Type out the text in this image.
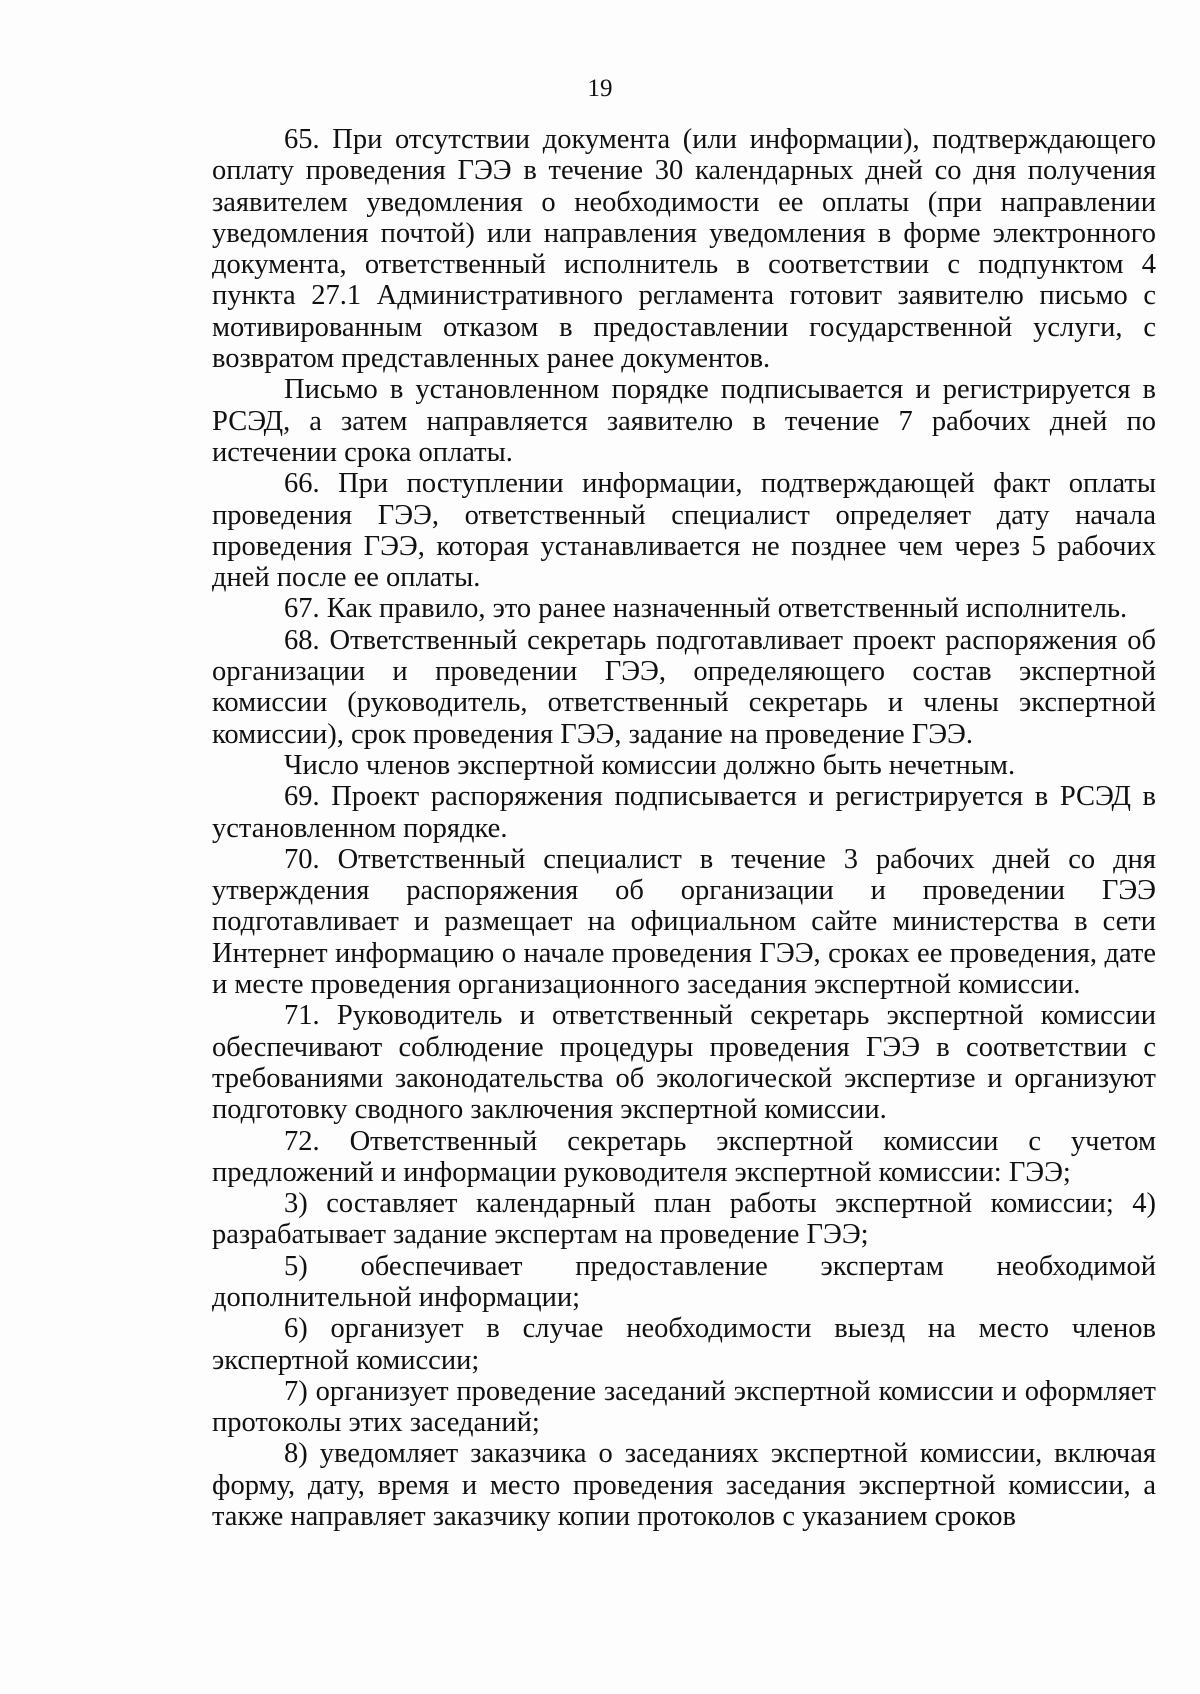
19

65. При отсутствии документа (или информации), подтверждающего оплату проведения ГЭЭ в течение 30 календарных дней со дня получения заявителем уведомления о необходимости ее оплаты (при направлении уведомления почтой) или направления уведомления в форме электронного документа, ответственный исполнитель в соответствии с подпунктом 4 пункта 27.1 Административного регламента готовит заявителю письмо с мотивированным отказом в предоставлении государственной услуги, с возвратом представленных ранее документов.

Письмо в установленном порядке подписывается и регистрируется в РСЭД, а затем направляется заявителю в течение 7 рабочих дней по истечении срока оплаты.

66. При поступлении информации, подтверждающей факт оплаты проведения ГЭЭ, ответственный специалист определяет дату начала проведения ГЭЭ, которая устанавливается не позднее чем через 5 рабочих дней после ее оплаты.

67. Как правило, это ранее назначенный ответственный исполнитель.

68. Ответственный секретарь подготавливает проект распоряжения об организации и проведении ГЭЭ, определяющего состав экспертной комиссии (руководитель, ответственный секретарь и члены экспертной комиссии), срок проведения ГЭЭ, задание на проведение ГЭЭ.

Число членов экспертной комиссии должно быть нечетным.

69. Проект распоряжения подписывается и регистрируется в РСЭД в установленном порядке.

70. Ответственный специалист в течение 3 рабочих дней со дня утверждения распоряжения об организации и проведении ГЭЭ подготавливает и размещает на официальном сайте министерства в сети Интернет информацию о начале проведения ГЭЭ, сроках ее проведения, дате и месте проведения организационного заседания экспертной комиссии.

71. Руководитель и ответственный секретарь экспертной комиссии обеспечивают соблюдение процедуры проведения ГЭЭ в соответствии с требованиями законодательства об экологической экспертизе и организуют подготовку сводного заключения экспертной комиссии.

72. Ответственный секретарь экспертной комиссии с учетом предложений и информации руководителя экспертной комиссии: ГЭЭ;

3) составляет календарный план работы экспертной комиссии; 4) разрабатывает задание экспертам на проведение ГЭЭ;

5) обеспечивает предоставление экспертам необходимой дополнительной информации;

6) организует в случае необходимости выезд на место членов экспертной комиссии;

7) организует проведение заседаний экспертной комиссии и оформляет протоколы этих заседаний;

8) уведомляет заказчика о заседаниях экспертной комиссии, включая форму, дату, время и место проведения заседания экспертной комиссии, а также направляет заказчику копии протоколов с указанием сроков
